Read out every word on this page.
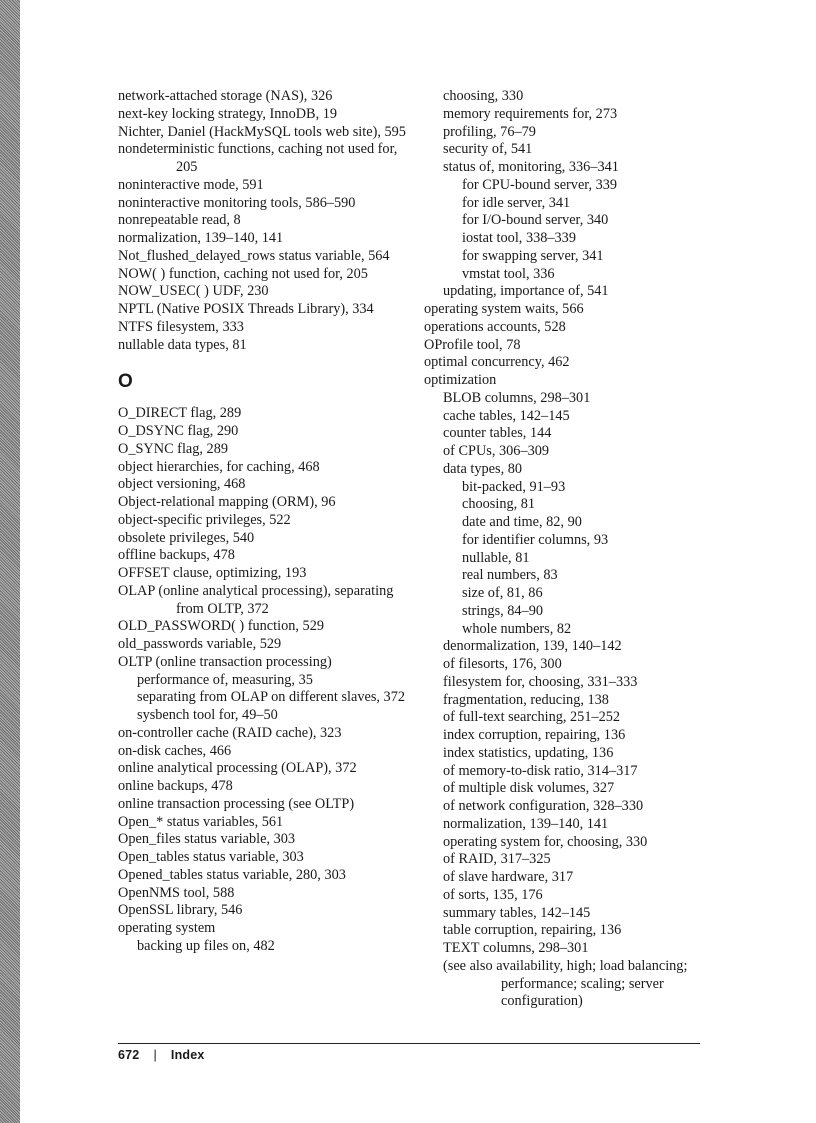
network-attached storage (NAS), 326
next-key locking strategy, InnoDB, 19
Nichter, Daniel (HackMySQL tools web site), 595
nondeterministic functions, caching not used for, 205
noninteractive mode, 591
noninteractive monitoring tools, 586–590
nonrepeatable read, 8
normalization, 139–140, 141
Not_flushed_delayed_rows status variable, 564
NOW( ) function, caching not used for, 205
NOW_USEC( ) UDF, 230
NPTL (Native POSIX Threads Library), 334
NTFS filesystem, 333
nullable data types, 81
O
O_DIRECT flag, 289
O_DSYNC flag, 290
O_SYNC flag, 289
object hierarchies, for caching, 468
object versioning, 468
Object-relational mapping (ORM), 96
object-specific privileges, 522
obsolete privileges, 540
offline backups, 478
OFFSET clause, optimizing, 193
OLAP (online analytical processing), separating from OLTP, 372
OLD_PASSWORD( ) function, 529
old_passwords variable, 529
OLTP (online transaction processing)
performance of, measuring, 35
separating from OLAP on different slaves, 372
sysbench tool for, 49–50
on-controller cache (RAID cache), 323
on-disk caches, 466
online analytical processing (OLAP), 372
online backups, 478
online transaction processing (see OLTP)
Open_* status variables, 561
Open_files status variable, 303
Open_tables status variable, 303
Opened_tables status variable, 280, 303
OpenNMS tool, 588
OpenSSL library, 546
operating system
backing up files on, 482
choosing, 330
memory requirements for, 273
profiling, 76–79
security of, 541
status of, monitoring, 336–341
for CPU-bound server, 339
for idle server, 341
for I/O-bound server, 340
iostat tool, 338–339
for swapping server, 341
vmstat tool, 336
updating, importance of, 541
operating system waits, 566
operations accounts, 528
OProfile tool, 78
optimal concurrency, 462
optimization
BLOB columns, 298–301
cache tables, 142–145
counter tables, 144
of CPUs, 306–309
data types, 80
bit-packed, 91–93
choosing, 81
date and time, 82, 90
for identifier columns, 93
nullable, 81
real numbers, 83
size of, 81, 86
strings, 84–90
whole numbers, 82
denormalization, 139, 140–142
of filesorts, 176, 300
filesystem for, choosing, 331–333
fragmentation, reducing, 138
of full-text searching, 251–252
index corruption, repairing, 136
index statistics, updating, 136
of memory-to-disk ratio, 314–317
of multiple disk volumes, 327
of network configuration, 328–330
normalization, 139–140, 141
operating system for, choosing, 330
of RAID, 317–325
of slave hardware, 317
of sorts, 135, 176
summary tables, 142–145
table corruption, repairing, 136
TEXT columns, 298–301
(see also availability, high; load balancing; performance; scaling; server configuration)
672 | Index
